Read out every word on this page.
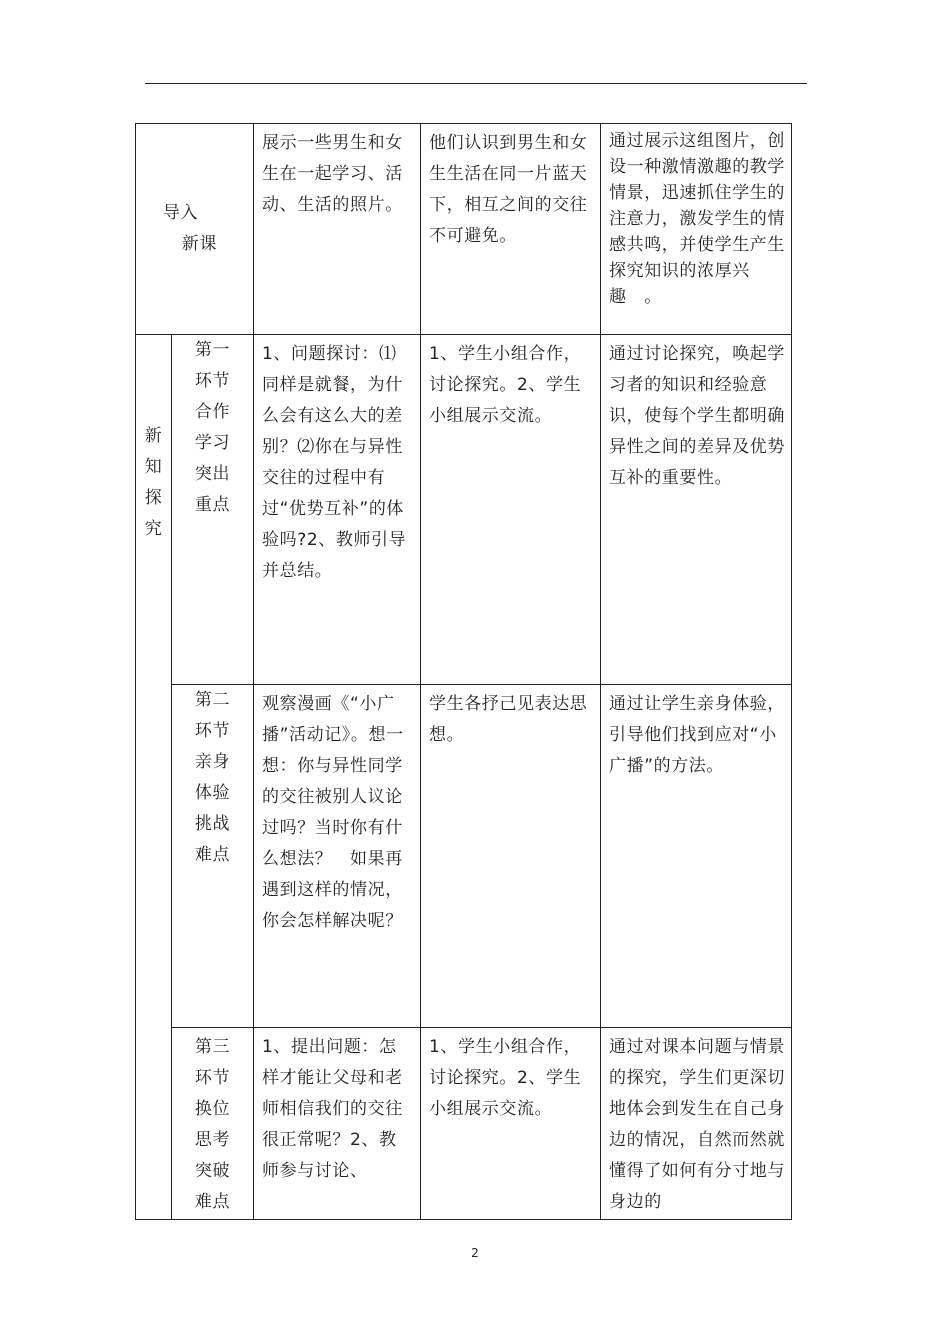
导入
新课		展示一些男生和女生在一起学习、活动、生活的照片。	他们认识到男生和女生生活在同一片蓝天下，相互之间的交往不可避免。	通过展示这组图片，创设一种激情激趣的教学情景，迅速抓住学生的注意力，激发学生的情感共鸣，并使学生产生探究知识的浓厚兴趣　。

新知探究	第一环节合作学习突出重点	1、问题探讨：⑴同样是就餐，为什么会有这么大的差别？⑵你在与异性交往的过程中有过“优势互补”的体验吗?2、教师引导并总结。	1、学生小组合作，讨论探究。2、学生小组展示交流。	通过讨论探究，唤起学习者的知识和经验意识，使每个学生都明确异性之间的差异及优势互补的重要性。

	第二环节亲身体验挑战难点	观察漫画《“小广播”活动记》。想一想：你与异性同学的交往被别人议论过吗？当时你有什么想法？　如果再遇到这样的情况，你会怎样解决呢？	学生各抒己见表达思想。	通过让学生亲身体验，引导他们找到应对“小广播”的方法。

	第三环节换位思考突破难点	1、提出问题：怎样才能让父母和老师相信我们的交往很正常呢？2、教师参与讨论、	1、学生小组合作，讨论探究。2、学生小组展示交流。	通过对课本问题与情景的探究，学生们更深切地体会到发生在自己身边的情况，自然而然就懂得了如何有分寸地与身边的
2
